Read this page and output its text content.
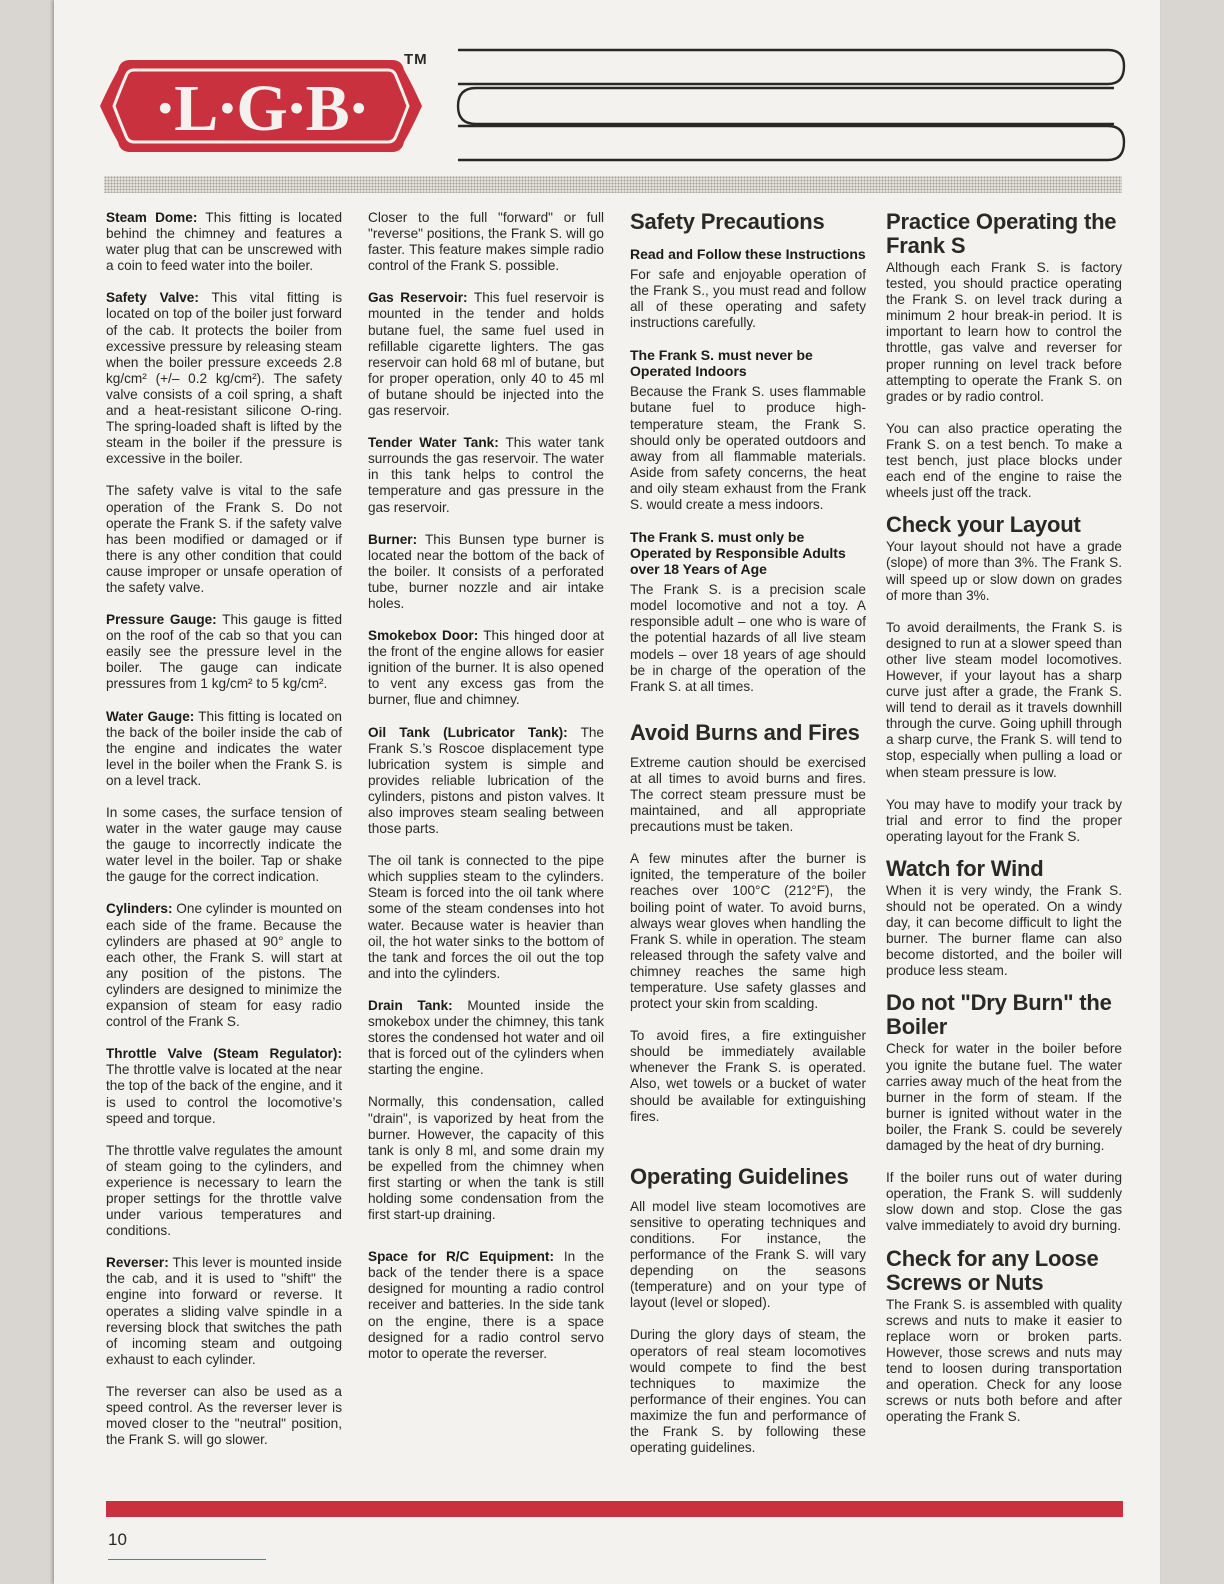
·L·G·B·
TM

Steam Dome: This fitting is located behind the chimney and features a water plug that can be unscrewed with a coin to feed water into the boiler.

Safety Valve: This vital fitting is located on top of the boiler just forward of the cab. It protects the boiler from excessive pressure by releasing steam when the boiler pressure exceeds 2.8 kg/cm² (+/– 0.2 kg/cm²). The safety valve consists of a coil spring, a shaft and a heat-resistant silicone O-ring. The spring-loaded shaft is lifted by the steam in the boiler if the pressure is excessive in the boiler.

The safety valve is vital to the safe operation of the Frank S. Do not operate the Frank S. if the safety valve has been modified or damaged or if there is any other condition that could cause improper or unsafe operation of the safety valve.

Pressure Gauge: This gauge is fitted on the roof of the cab so that you can easily see the pressure level in the boiler. The gauge can indicate pressures from 1 kg/cm² to 5 kg/cm².

Water Gauge: This fitting is located on the back of the boiler inside the cab of the engine and indicates the water level in the boiler when the Frank S. is on a level track.

In some cases, the surface tension of water in the water gauge may cause the gauge to incorrectly indicate the water level in the boiler. Tap or shake the gauge for the correct indication.

Cylinders: One cylinder is mounted on each side of the frame. Because the cylinders are phased at 90° angle to each other, the Frank S. will start at any position of the pistons. The cylinders are designed to minimize the expansion of steam for easy radio control of the Frank S.

Throttle Valve (Steam Regulator): The throttle valve is located at the near the top of the back of the engine, and it is used to control the locomotive’s speed and torque.

The throttle valve regulates the amount of steam going to the cylinders, and experience is necessary to learn the proper settings for the throttle valve under various temperatures and conditions.

Reverser: This lever is mounted inside the cab, and it is used to "shift" the engine into forward or reverse. It operates a sliding valve spindle in a reversing block that switches the path of incoming steam and outgoing exhaust to each cylinder.

The reverser can also be used as a speed control. As the reverser lever is moved closer to the "neutral" position, the Frank S. will go slower.

Closer to the full "forward" or full "reverse" positions, the Frank S. will go faster. This feature makes simple radio control of the Frank S. possible.

Gas Reservoir: This fuel reservoir is mounted in the tender and holds butane fuel, the same fuel used in refillable cigarette lighters. The gas reservoir can hold 68 ml of butane, but for proper operation, only 40 to 45 ml of butane should be injected into the gas reservoir.

Tender Water Tank: This water tank surrounds the gas reservoir. The water in this tank helps to control the temperature and gas pressure in the gas reservoir.

Burner: This Bunsen type burner is located near the bottom of the back of the boiler. It consists of a perforated tube, burner nozzle and air intake holes.

Smokebox Door: This hinged door at the front of the engine allows for easier ignition of the burner. It is also opened to vent any excess gas from the burner, flue and chimney.

Oil Tank (Lubricator Tank): The Frank S.’s Roscoe displacement type lubrication system is simple and provides reliable lubrication of the cylinders, pistons and piston valves. It also improves steam sealing between those parts.

The oil tank is connected to the pipe which supplies steam to the cylinders. Steam is forced into the oil tank where some of the steam condenses into hot water. Because water is heavier than oil, the hot water sinks to the bottom of the tank and forces the oil out the top and into the cylinders.

Drain Tank: Mounted inside the smokebox under the chimney, this tank stores the condensed hot water and oil that is forced out of the cylinders when starting the engine.

Normally, this condensation, called "drain", is vaporized by heat from the burner. However, the capacity of this tank is only 8 ml, and some drain my be expelled from the chimney when first starting or when the tank is still holding some condensation from the first start-up draining.

Space for R/C Equipment: In the back of the tender there is a space designed for mounting a radio control receiver and batteries. In the side tank on the engine, there is a space designed for a radio control servo motor to operate the reverser.

Safety Precautions
Read and Follow these Instructions

For safe and enjoyable operation of the Frank S., you must read and follow all of these operating and safety instructions carefully.

The Frank S. must never be Operated Indoors

Because the Frank S. uses flammable butane fuel to produce high-temperature steam, the Frank S. should only be operated outdoors and away from all flammable materials. Aside from safety concerns, the heat and oily steam exhaust from the Frank S. would create a mess indoors.

The Frank S. must only be Operated by Responsible Adults over 18 Years of Age

The Frank S. is a precision scale model locomotive and not a toy. A responsible adult – one who is ware of the potential hazards of all live steam models – over 18 years of age should be in charge of the operation of the Frank S. at all times.

Avoid Burns and Fires

Extreme caution should be exercised at all times to avoid burns and fires. The correct steam pressure must be maintained, and all appropriate precautions must be taken.

A few minutes after the burner is ignited, the temperature of the boiler reaches over 100°C (212°F), the boiling point of water. To avoid burns, always wear gloves when handling the Frank S. while in operation. The steam released through the safety valve and chimney reaches the same high temperature. Use safety glasses and protect your skin from scalding.

To avoid fires, a fire extinguisher should be immediately available whenever the Frank S. is operated. Also, wet towels or a bucket of water should be available for extinguishing fires.

Operating Guidelines

All model live steam locomotives are sensitive to operating techniques and conditions. For instance, the performance of the Frank S. will vary depending on the seasons (temperature) and on your type of layout (level or sloped).

During the glory days of steam, the operators of real steam locomotives would compete to find the best techniques to maximize the performance of their engines. You can maximize the fun and performance of the Frank S. by following these operating guidelines.

Practice Operating the Frank S

Although each Frank S. is factory tested, you should practice operating the Frank S. on level track during a minimum 2 hour break-in period. It is important to learn how to control the throttle, gas valve and reverser for proper running on level track before attempting to operate the Frank S. on grades or by radio control.

You can also practice operating the Frank S. on a test bench. To make a test bench, just place blocks under each end of the engine to raise the wheels just off the track.

Check your Layout

Your layout should not have a grade (slope) of more than 3%. The Frank S. will speed up or slow down on grades of more than 3%.

To avoid derailments, the Frank S. is designed to run at a slower speed than other live steam model locomotives. However, if your layout has a sharp curve just after a grade, the Frank S. will tend to derail as it travels downhill through the curve. Going uphill through a sharp curve, the Frank S. will tend to stop, especially when pulling a load or when steam pressure is low.

You may have to modify your track by trial and error to find the proper operating layout for the Frank S.

Watch for Wind

When it is very windy, the Frank S. should not be operated. On a windy day, it can become difficult to light the burner. The burner flame can also become distorted, and the boiler will produce less steam.

Do not "Dry Burn" the Boiler

Check for water in the boiler before you ignite the butane fuel. The water carries away much of the heat from the burner in the form of steam. If the burner is ignited without water in the boiler, the Frank S. could be severely damaged by the heat of dry burning.

If the boiler runs out of water during operation, the Frank S. will suddenly slow down and stop. Close the gas valve immediately to avoid dry burning.

Check for any Loose Screws or Nuts

The Frank S. is assembled with quality screws and nuts to make it easier to replace worn or broken parts. However, those screws and nuts may tend to loosen during transportation and operation. Check for any loose screws or nuts both before and after operating the Frank S.

10
